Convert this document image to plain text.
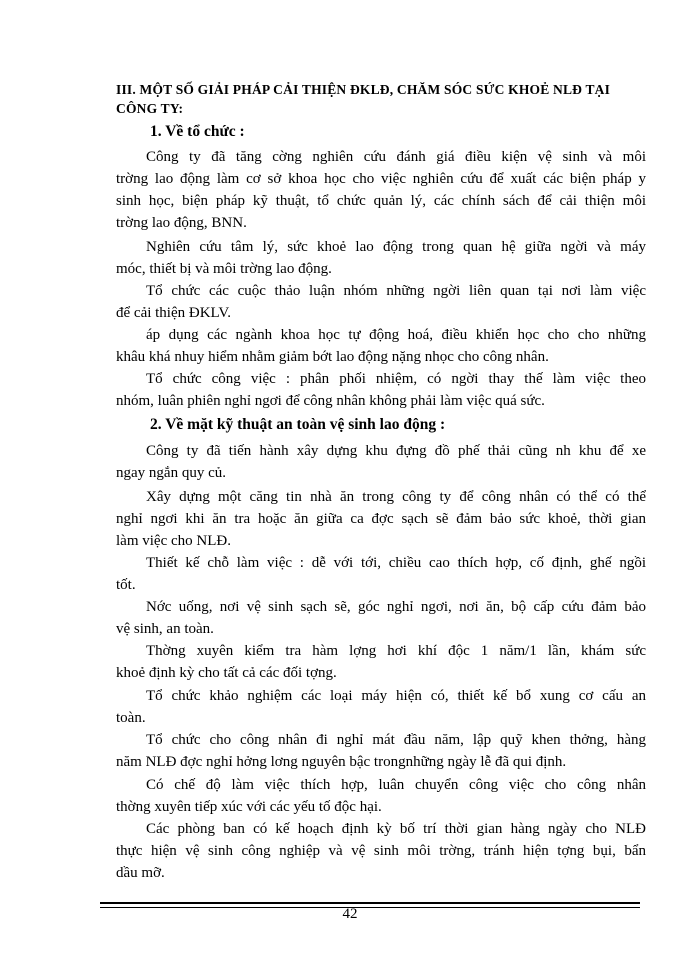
III. MỘT SỐ GIẢI PHÁP CẢI THIỆN ĐKLĐ, CHĂM SÓC SỨC KHOẺ NLĐ TẠI CÔNG TY:
1. Về tổ chức :
Công ty đã tăng cờng nghiên cứu đánh giá điều kiện vệ sinh và môi
trờng lao động làm cơ sở khoa học cho việc nghiên cứu để xuất các biện pháp y
sinh học, biện pháp kỹ thuật, tổ chức quản lý, các chính sách để cải thiện môi
trờng lao động, BNN.
Nghiên cứu tâm lý, sức khoẻ lao động trong quan hệ giữa ngời và máy
móc, thiết bị và môi trờng lao động.
Tổ chức các cuộc thảo luận nhóm những ngời liên quan tại nơi làm việc
để cải thiện ĐKLV.
áp dụng các ngành khoa học tự động hoá, điều khiển học cho cho những
khâu khá nhuy hiểm nhằm giảm bớt lao động nặng nhọc cho công nhân.
Tổ chức công việc : phân phối nhiệm, có ngời thay thế làm việc theo
nhóm, luân phiên nghỉ ngơi để công nhân không phải làm việc quá sức.
2. Về mặt kỹ thuật an toàn vệ sinh lao động :
Công ty đã tiến hành xây dựng khu đựng đồ phế thải cũng nh khu để xe
ngay ngắn quy củ.
Xây dựng một căng tin nhà ăn trong công ty để công nhân có thể có thể
nghỉ ngơi khi ăn tra hoặc ăn giữa ca đợc sạch sẽ đảm bảo sức khoẻ, thời gian
làm việc cho NLĐ.
Thiết kế chỗ làm việc : dễ với tới, chiều cao thích hợp, cố định, ghế ngồi
tốt.
Nớc uống, nơi vệ sinh sạch sẽ, góc nghỉ ngơi, nơi ăn, bộ cấp cứu đảm bảo
vệ sinh, an toàn.
Thờng xuyên kiểm tra hàm lợng hơi khí độc 1 năm/1 lần, khám sức
khoẻ định kỳ cho tất cả các đối tợng.
Tổ chức khảo nghiệm các loại máy hiện có, thiết kế bổ xung cơ cấu an
toàn.
Tổ chức cho công nhân đi nghỉ mát đầu năm, lập quỹ khen thởng, hàng
năm NLĐ đợc nghỉ hởng lơng nguyên bậc trongnhững ngày lễ đã qui định.
Có chế độ làm việc thích hợp, luân chuyển công việc cho công nhân
thờng xuyên tiếp xúc với các yếu tố độc hại.
Các phòng ban có kế hoạch định kỳ bố trí thời gian hàng ngày cho NLĐ
thực hiện vệ sinh công nghiệp và vệ sinh môi trờng, tránh hiện tợng bụi, bẩn
dầu mỡ.
42
